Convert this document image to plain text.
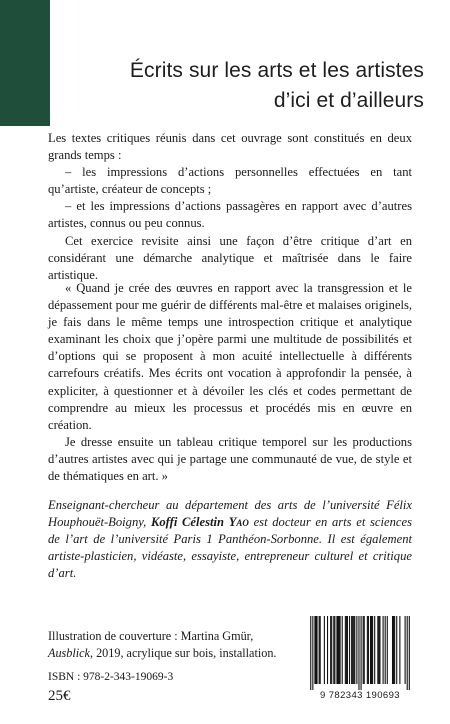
Écrits sur les arts et les artistes
d’ici et d’ailleurs

Les textes critiques réunis dans cet ouvrage sont constitués en deux grands temps :

– les impressions d’actions personnelles effectuées en tant qu’artiste, créateur de concepts ;

– et les impressions d’actions passagères en rapport avec d’autres artistes, connus ou peu connus.

Cet exercice revisite ainsi une façon d’être critique d’art en considérant une démarche analytique et maîtrisée dans le faire artistique.

« Quand je crée des œuvres en rapport avec la transgression et le dépassement pour me guérir de différents mal-être et malaises originels, je fais dans le même temps une introspection critique et analytique examinant les choix que j’opère parmi une multitude de possibilités et d’options qui se proposent à mon acuité intellectuelle à différents carrefours créatifs. Mes écrits ont vocation à approfondir la pensée, à expliciter, à questionner et à dévoiler les clés et codes permettant de comprendre au mieux les processus et procédés mis en œuvre en création.

Je dresse ensuite un tableau critique temporel sur les productions d’autres artistes avec qui je partage une communauté de vue, de style et de thématiques en art. »

Enseignant-chercheur au département des arts de l’université Félix Houphouët-Boigny, Koffi Célestin Yao est docteur en arts et sciences de l’art de l’université Paris 1 Panthéon-Sorbonne. Il est également artiste-plasticien, vidéaste, essayiste, entrepreneur culturel et critique d’art.

Illustration de couverture : Martina Gmür,
Ausblick, 2019, acrylique sur bois, installation.
ISBN : 978-2-343-19069-3
25€	9 782343 190693
